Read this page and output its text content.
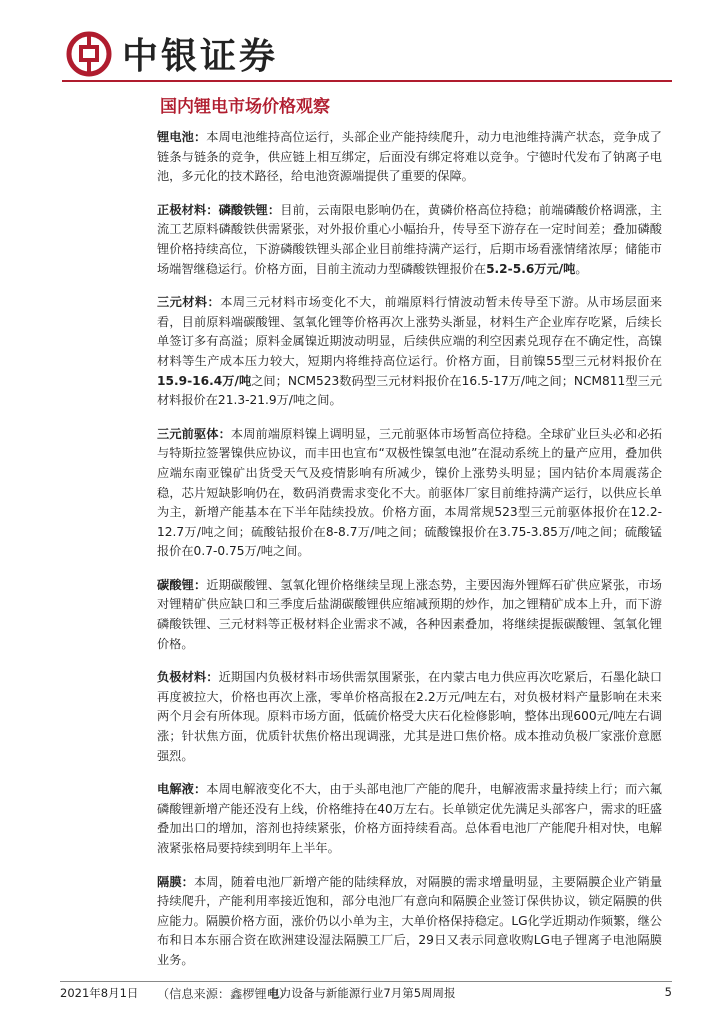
中银证券
国内锂电市场价格观察

锂电池：本周电池维持高位运行，头部企业产能持续爬升，动力电池维持满产状态，竞争成了链条与链条的竞争，供应链上相互绑定，后面没有绑定将难以竞争。宁德时代发布了钠离子电池，多元化的技术路径，给电池资源端提供了重要的保障。

正极材料：磷酸铁锂：目前，云南限电影响仍在，黄磷价格高位持稳；前端磷酸价格调涨，主流工艺原料磷酸铁供需紧张，对外报价重心小幅抬升，传导至下游存在一定时间差；叠加磷酸锂价格持续高位，下游磷酸铁锂头部企业目前维持满产运行，后期市场看涨情绪浓厚；储能市场端智继稳运行。价格方面，目前主流动力型磷酸铁锂报价在5.2-5.6万元/吨。

三元材料：本周三元材料市场变化不大，前端原料行情波动暂未传导至下游。从市场层面来看，目前原料端碳酸锂、氢氧化锂等价格再次上涨势头渐显，材料生产企业库存吃紧，后续长单签订多有高溢；原料金属镍近期波动明显，后续供应端的利空因素兑现存在不确定性，高镍材料等生产成本压力较大，短期内将维持高位运行。价格方面，目前镍55型三元材料报价在15.9-16.4万/吨之间；NCM523数码型三元材料报价在16.5-17万/吨之间；NCM811型三元材料报价在21.3-21.9万/吨之间。

三元前驱体：本周前端原料镍上调明显，三元前驱体市场暂高位持稳。全球矿业巨头必和必拓与特斯拉签署镍供应协议，而丰田也宣布“双极性镍氢电池”在混动系统上的量产应用，叠加供应端东南亚镍矿出货受天气及疫情影响有所减少，镍价上涨势头明显；国内钴价本周震荡企稳，芯片短缺影响仍在，数码消费需求变化不大。前驱体厂家目前维持满产运行，以供应长单为主，新增产能基本在下半年陆续投放。价格方面，本周常规523型三元前驱体报价在12.2-12.7万/吨之间；硫酸钴报价在8-8.7万/吨之间；硫酸镍报价在3.75-3.85万/吨之间；硫酸锰报价在0.7-0.75万/吨之间。

碳酸锂：近期碳酸锂、氢氧化锂价格继续呈现上涨态势，主要因海外锂辉石矿供应紧张，市场对锂精矿供应缺口和三季度后盐湖碳酸锂供应缩减预期的炒作，加之锂精矿成本上升，而下游磷酸铁锂、三元材料等正极材料企业需求不减，各种因素叠加，将继续提振碳酸锂、氢氧化锂价格。

负极材料：近期国内负极材料市场供需氛围紧张，在内蒙古电力供应再次吃紧后，石墨化缺口再度被拉大，价格也再次上涨，零单价格高报在2.2万元/吨左右，对负极材料产量影响在未来两个月会有所体现。原料市场方面，低硫价格受大庆石化检修影响，整体出现600元/吨左右调涨；针状焦方面，优质针状焦价格出现调涨，尤其是进口焦价格。成本推动负极厂家涨价意愿强烈。

电解液：本周电解液变化不大，由于头部电池厂产能的爬升，电解液需求量持续上行；而六氟磷酸锂新增产能还没有上线，价格维持在40万左右。长单锁定优先满足头部客户，需求的旺盛叠加出口的增加，溶剂也持续紧张，价格方面持续看高。总体看电池厂产能爬升相对快，电解液紧张格局要持续到明年上半年。

隔膜：本周，随着电池厂新增产能的陆续释放，对隔膜的需求增量明显，主要隔膜企业产销量持续爬升，产能利用率接近饱和，部分电池厂有意向和隔膜企业签订保供协议，锁定隔膜的供应能力。隔膜价格方面，涨价仍以小单为主，大单价格保持稳定。LG化学近期动作频繁，继公布和日本东丽合资在欧洲建设湿法隔膜工厂后，29日又表示同意收购LG电子锂离子电池隔膜业务。

（信息来源：鑫椤锂电）
2021年8月1日	电力设备与新能源行业7月第5周周报	5
